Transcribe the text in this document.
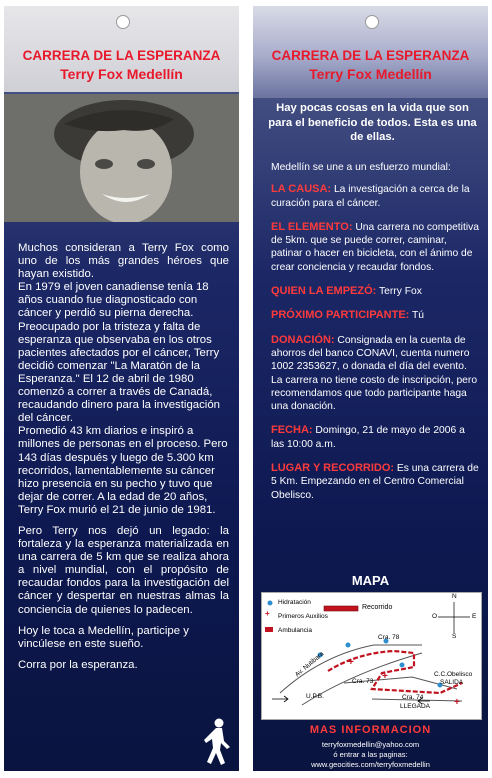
CARRERA DE LA ESPERANZA
Terry Fox Medellín

Muchos consideran a Terry Fox como uno de los más grandes héroes que hayan existido.

En 1979 el joven canadiense tenía 18 años cuando fue diagnosticado con cáncer y perdió su pierna derecha. Preocupado por la tristeza y falta de esperanza que observaba en los otros pacientes afectados por el cáncer, Terry decidió comenzar "La Maratón de la Esperanza." El 12 de abril de 1980 comenzó a correr a través de Canadá, recaudando dinero para la investigación del cáncer.

Promedió 43 km diarios e inspiró a millones de personas en el proceso. Pero 143 días después y luego de 5.300 km recorridos, lamentablemente su cáncer hizo presencia en su pecho y tuvo que dejar de correr. A la edad de 20 años, Terry Fox murió el 21 de junio de 1981.

Pero Terry nos dejó un legado: la fortaleza y la esperanza materializada en una carrera de 5 km que se realiza ahora a nivel mundial, con el propósito de recaudar fondos para la investigación del cáncer y despertar en nuestras almas la conciencia de quienes lo padecen.

Hoy le toca a Medellín, participe y vincúlese en este sueño.

Corra por la esperanza.

CARRERA DE LA ESPERANZA
Terry Fox Medellín
Hay pocas cosas en la vida que son para el beneficio de todos. Esta es una de ellas.

Medellín se une a un esfuerzo mundial:

LA CAUSA: La investigación a cerca de la curación para el cáncer.

EL ELEMENTO: Una carrera no competitiva de 5km. que se puede correr, caminar, patinar o hacer en bicicleta, con el ánimo de crear conciencia y recaudar fondos.

QUIEN LA EMPEZÓ: Terry Fox

PRÓXIMO PARTICIPANTE: Tú

DONACIÓN: Consignada en la cuenta de ahorros del banco CONAVI, cuenta numero 1002 2353627, o donada el día del evento. La carrera no tiene costo de inscripción, pero recomendamos que todo participante haga una donación.

FECHA: Domingo, 21 de mayo de 2006 a las 10:00 a.m.

LUGAR Y RECORRIDO: Es una carrera de 5 Km. Empezando en el Centro Comercial Obelisco.

MAPA
+
+
+
+
Hidratación
Primeros Auxilios
Ambulancia
Recorrido
N
S
E
O
Av. Nutibara
Cra. 78
Cra. 73
Cra. 74
U.P.B.
C.C.Obelisco
SALIDA
LLEGADA
MAS INFORMACION
terryfoxmedellin@yahoo.com
ó entrar a las paginas:
www.geocities.com/terryfoxmedellin
